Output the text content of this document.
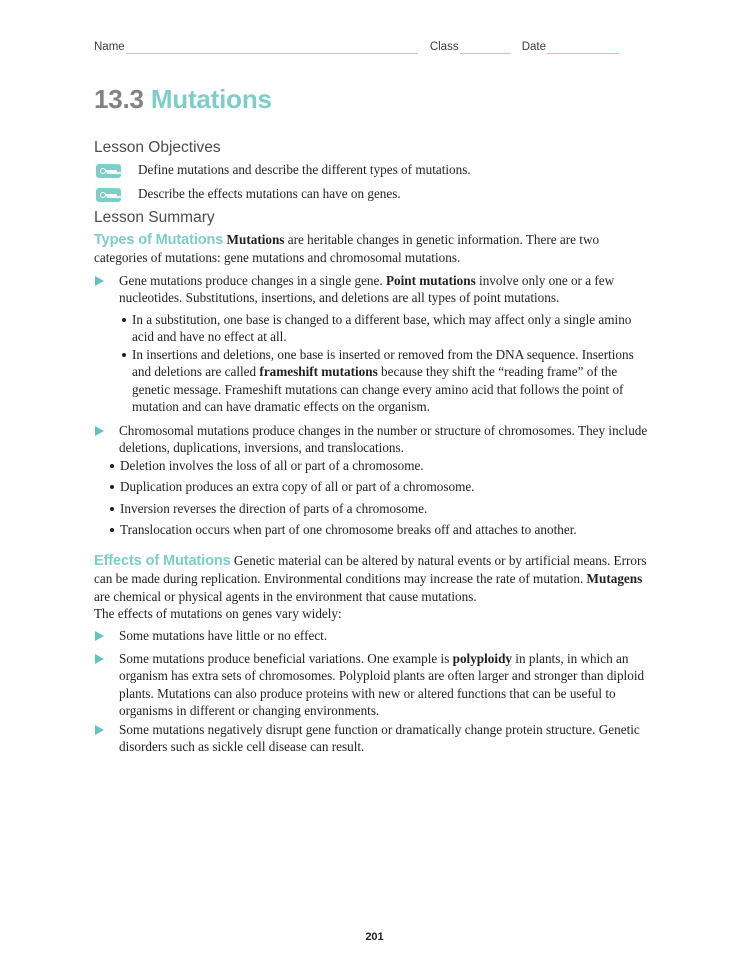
Name	Class	Date
13.3 Mutations
Lesson Objectives
Define mutations and describe the different types of mutations.
Describe the effects mutations can have on genes.
Lesson Summary
Types of Mutations Mutations are heritable changes in genetic information. There are two categories of mutations: gene mutations and chromosomal mutations.
Gene mutations produce changes in a single gene. Point mutations involve only one or a few nucleotides. Substitutions, insertions, and deletions are all types of point mutations.
In a substitution, one base is changed to a different base, which may affect only a single amino acid and have no effect at all.
In insertions and deletions, one base is inserted or removed from the DNA sequence. Insertions and deletions are called frameshift mutations because they shift the “reading frame” of the genetic message. Frameshift mutations can change every amino acid that follows the point of mutation and can have dramatic effects on the organism.
Chromosomal mutations produce changes in the number or structure of chromosomes. They include deletions, duplications, inversions, and translocations.
Deletion involves the loss of all or part of a chromosome.
Duplication produces an extra copy of all or part of a chromosome.
Inversion reverses the direction of parts of a chromosome.
Translocation occurs when part of one chromosome breaks off and attaches to another.
Effects of Mutations Genetic material can be altered by natural events or by artificial means. Errors can be made during replication. Environmental conditions may increase the rate of mutation. Mutagens are chemical or physical agents in the environment that cause mutations.
The effects of mutations on genes vary widely:
Some mutations have little or no effect.
Some mutations produce beneficial variations. One example is polyploidy in plants, in which an organism has extra sets of chromosomes. Polyploid plants are often larger and stronger than diploid plants. Mutations can also produce proteins with new or altered functions that can be useful to organisms in different or changing environments.
Some mutations negatively disrupt gene function or dramatically change protein structure. Genetic disorders such as sickle cell disease can result.
201
